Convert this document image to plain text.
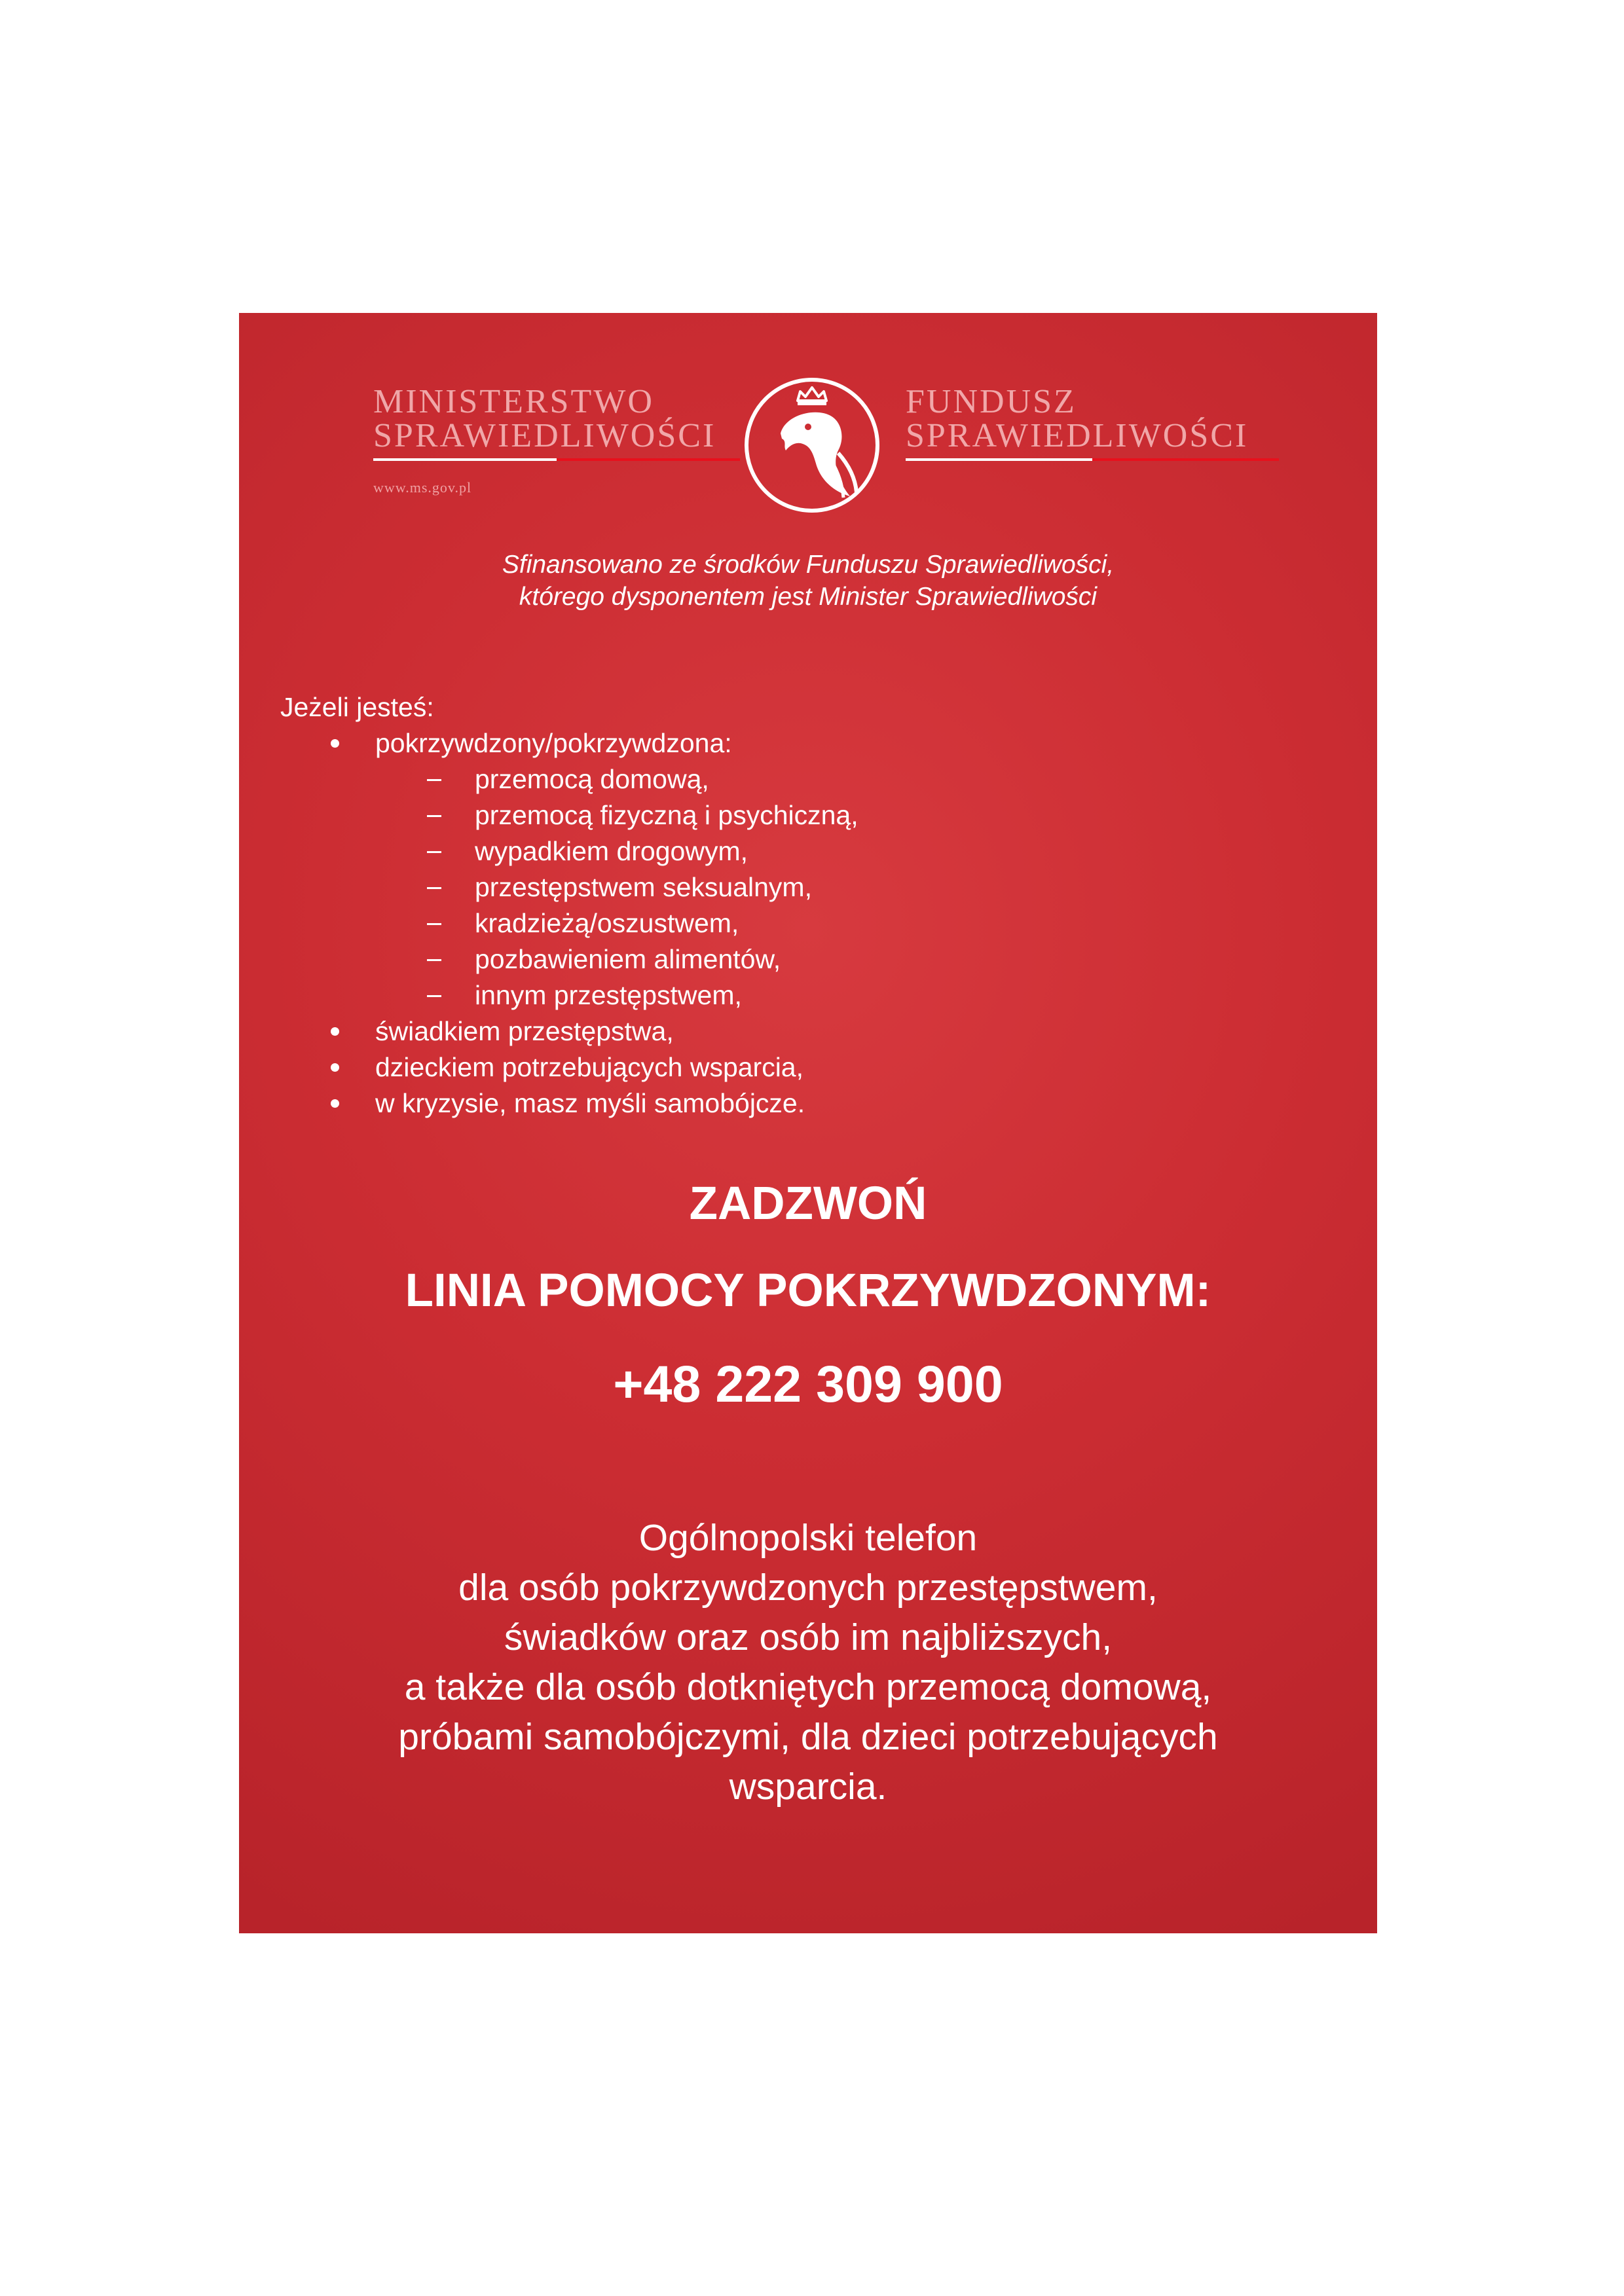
MINISTERSTWO
SPRAWIEDLIWOŚCI
www.ms.gov.pl
FUNDUSZ
SPRAWIEDLIWOŚCI
Sfinansowano ze środków Funduszu Sprawiedliwości,
którego dysponentem jest Minister Sprawiedliwości
Jeżeli jesteś:
pokrzywdzony/pokrzywdzona:
przemocą domową,
przemocą fizyczną i psychiczną,
wypadkiem drogowym,
przestępstwem seksualnym,
kradzieżą/oszustwem,
pozbawieniem alimentów,
innym przestępstwem,
świadkiem przestępstwa,
dzieckiem potrzebujących wsparcia,
w kryzysie, masz myśli samobójcze.
ZADZWOŃ
LINIA POMOCY POKRZYWDZONYM:
+48 222 309 900
Ogólnopolski telefon
dla osób pokrzywdzonych przestępstwem,
świadków oraz osób im najbliższych,
a także dla osób dotkniętych przemocą domową,
próbami samobójczymi, dla dzieci potrzebujących
wsparcia.
